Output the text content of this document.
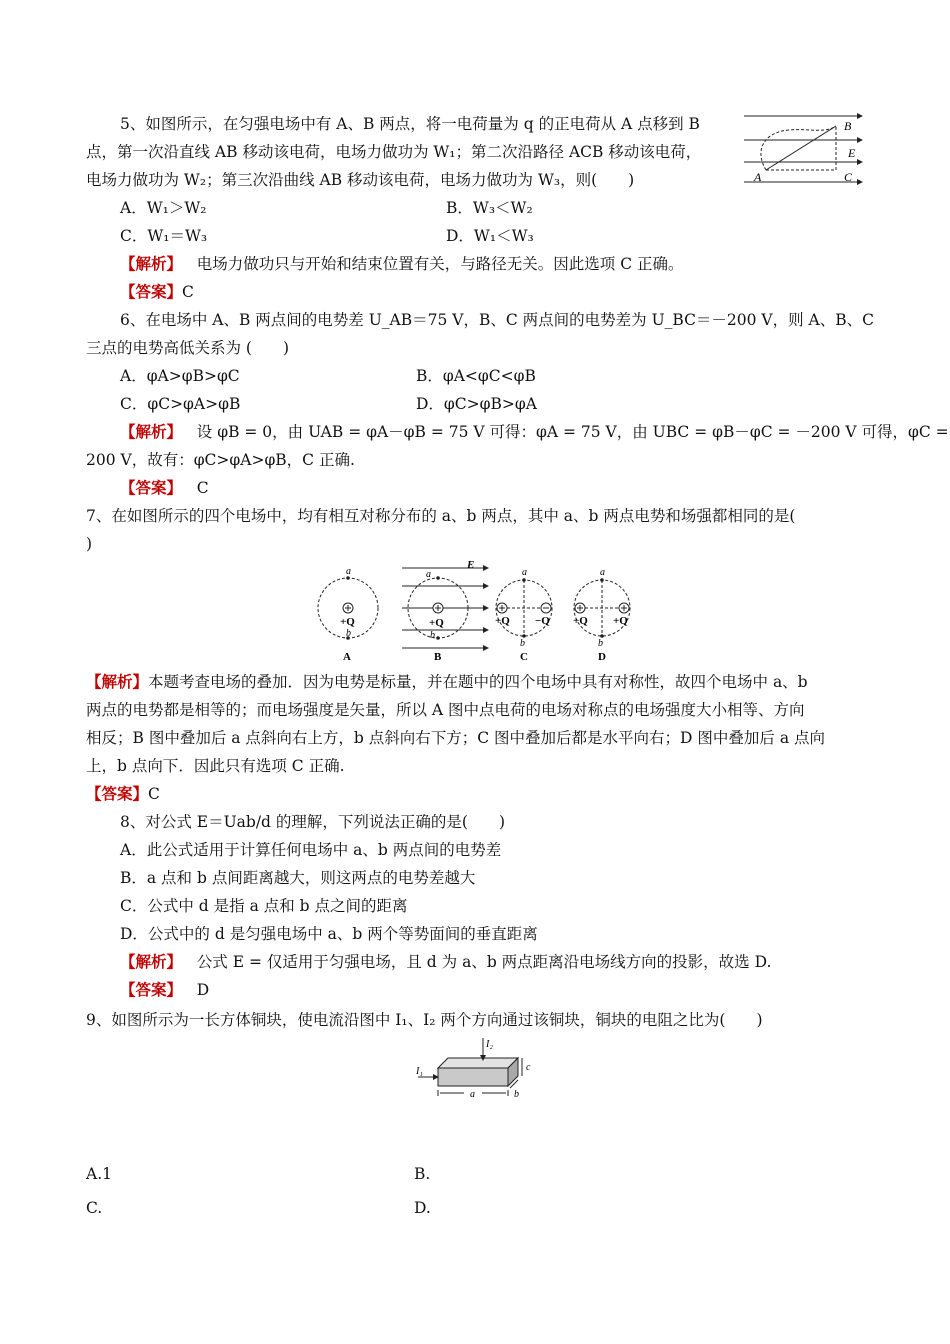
5、如图所示，在匀强电场中有 A、B 两点，将一电荷量为 q 的正电荷从 A 点移到 B
点，第一次沿直线 AB 移动该电荷，电场力做功为 W₁；第二次沿路径 ACB 移动该电荷，
电场力做功为 W₂；第三次沿曲线 AB 移动该电荷，电场力做功为 W₃，则(　　)
B
E
A	C
A．W₁＞W₂	B．W₃＜W₂
C．W₁＝W₃	D．W₁＜W₃
【解析】 电场力做功只与开始和结束位置有关，与路径无关。因此选项 C 正确。
【答案】C
6、在电场中 A、B 两点间的电势差 U_AB＝75 V，B、C 两点间的电势差为 U_BC＝－200 V，则 A、B、C
三点的电势高低关系为 (　　)
A．φA>φB>φC	B．φA<φC<φB
C．φC>φA>φB	D．φC>φB>φA
【解析】 设 φB = 0，由 UAB = φA－φB = 75 V 可得：φA = 75 V，由 UBC = φB－φC = －200 V 可得，φC =
200 V，故有：φC>φA>φB，C 正确.
【答案】 C
7、在如图所示的四个电场中，均有相互对称分布的 a、b 两点，其中 a、b 两点电势和场强都相同的是(
)
a
+Q
b
A
a
E
+Q
b
B
a
+Q −Q
b
C
a
+Q +Q
b
D
【解析】本题考查电场的叠加．因为电势是标量，并在题中的四个电场中具有对称性，故四个电场中 a、b
两点的电势都是相等的；而电场强度是矢量，所以 A 图中点电荷的电场对称点的电场强度大小相等、方向
相反；B 图中叠加后 a 点斜向右上方，b 点斜向右下方；C 图中叠加后都是水平向右；D 图中叠加后 a 点向
上，b 点向下．因此只有选项 C 正确.
【答案】C
8、对公式 E＝Uab/d 的理解，下列说法正确的是(　　)
A．此公式适用于计算任何电场中 a、b 两点间的电势差
B．a 点和 b 点间距离越大，则这两点的电势差越大
C．公式中 d 是指 a 点和 b 点之间的距离
D．公式中的 d 是匀强电场中 a、b 两个等势面间的垂直距离
【解析】 公式 E = 仅适用于匀强电场，且 d 为 a、b 两点距离沿电场线方向的投影，故选 D.
【答案】 D
9、如图所示为一长方体铜块，使电流沿图中 I₁、I₂ 两个方向通过该铜块，铜块的电阻之比为(　　)
I₂
I₁
a	b
c
A.1	B.
C.	D.
